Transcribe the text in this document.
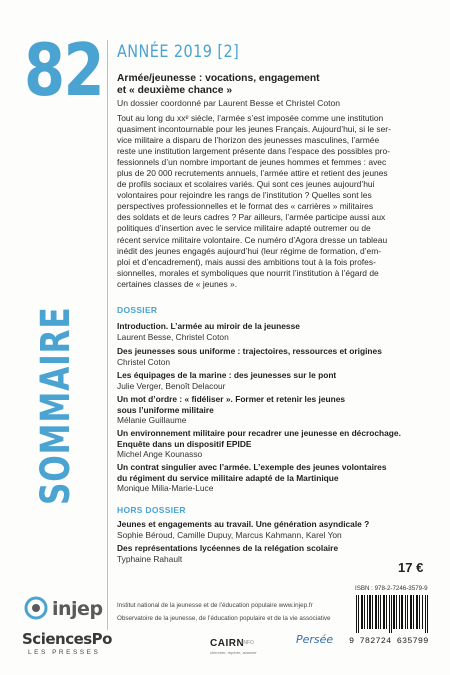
82 ANNÉE 2019 [2]
Armée/jeunesse : vocations, engagement
et « deuxième chance »
Un dossier coordonné par Laurent Besse et Christel Coton
Tout au long du xxᵉ siècle, l’armée s’est imposée comme une institution
quasiment incontournable pour les jeunes Français. Aujourd’hui, si le ser-
vice militaire a disparu de l’horizon des jeunesses masculines, l’armée
reste une institution largement présente dans l’espace des possibles pro-
fessionnels d’un nombre important de jeunes hommes et femmes : avec
plus de 20 000 recrutements annuels, l’armée attire et retient des jeunes
de profils sociaux et scolaires variés. Qui sont ces jeunes aujourd’hui
volontaires pour rejoindre les rangs de l’institution ? Quelles sont les
perspectives professionnelles et le format des « carrières » militaires
des soldats et de leurs cadres ? Par ailleurs, l’armée participe aussi aux
politiques d’insertion avec le service militaire adapté outremer ou de
récent service militaire volontaire. Ce numéro d’Agora dresse un tableau
inédit des jeunes engagés aujourd’hui (leur régime de formation, d’em-
ploi et d’encadrement), mais aussi des ambitions tout à la fois profes-
sionnelles, morales et symboliques que nourrit l’institution à l’égard de
certaines classes de « jeunes ».
SOMMAIRE	DOSSIER
Introduction. L’armée au miroir de la jeunesse
Laurent Besse, Christel Coton
Des jeunesses sous uniforme : trajectoires, ressources et origines
Christel Coton
Les équipages de la marine : des jeunesses sur le pont
Julie Verger, Benoît Delacour
Un mot d’ordre : « fidéliser ». Former et retenir les jeunes
sous l’uniforme militaire
Mélanie Guillaume
Un environnement militaire pour recadrer une jeunesse en décrochage.
Enquête dans un dispositif EPIDE
Michel Ange Kounasso
Un contrat singulier avec l’armée. L’exemple des jeunes volontaires
du régiment du service militaire adapté de la Martinique
Monique Milia-Marie-Luce
HORS DOSSIER
Jeunes et engagements au travail. Une génération asyndicale ?
Sophie Béroud, Camille Dupuy, Marcus Kahmann, Karel Yon
Des représentations lycéennes de la relégation scolaire
Typhaine Rahault
17 €
ISBN : 978-2-7246-3579-9
9 782724 635799
injep Institut national de la jeunesse et de l’éducation populaire www.injep.fr
Observatoire de la jeunesse, de l’éducation populaire et de la vie associative
SciencesPo
LES PRESSES
CAIRN
INFO
chercher, repérer, avancer
Persée
